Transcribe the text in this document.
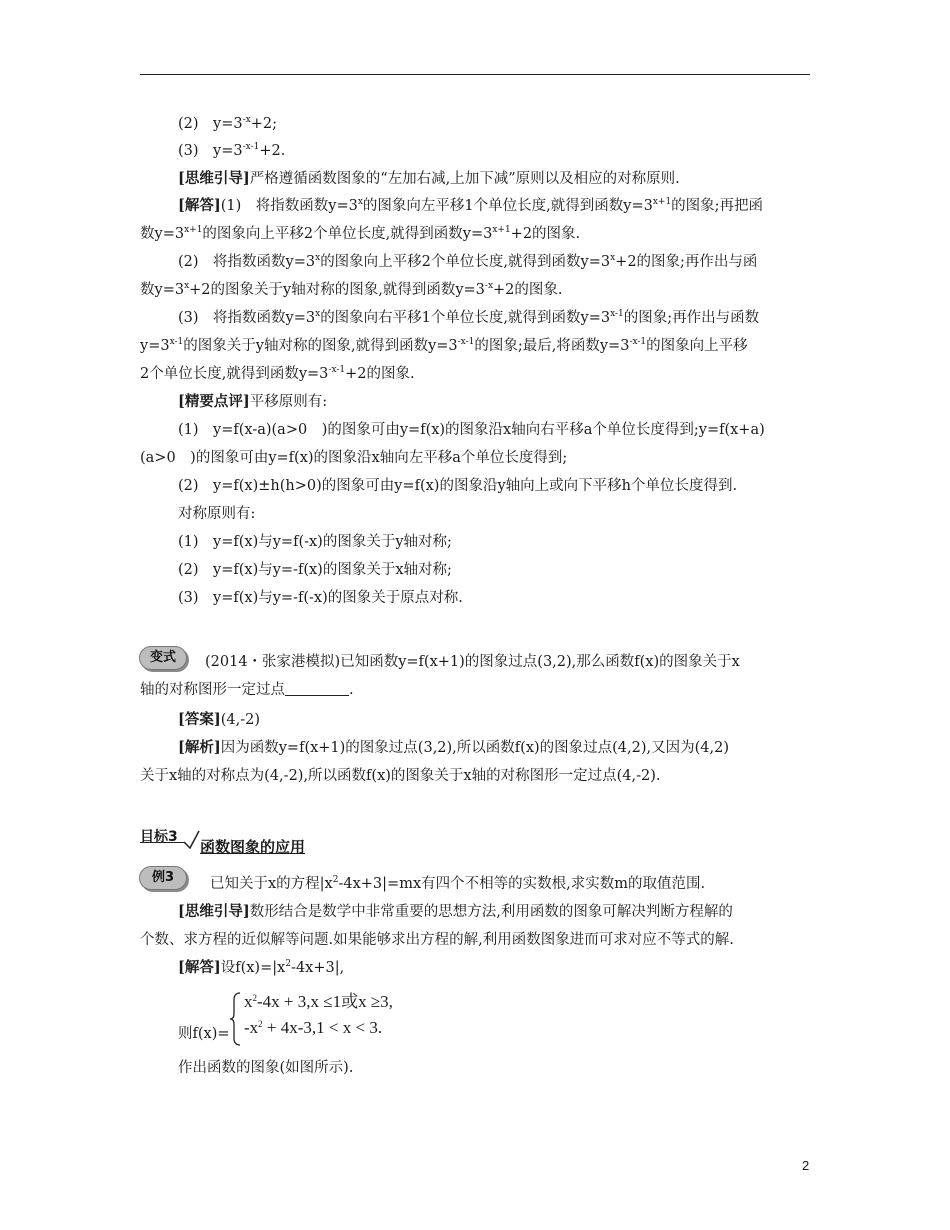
(2)　$y=3^{-x}+2$;
(3)　$y=3^{-x-1}+2$.
[思维引导]严格遵循函数图象的“左加右减,上加下减”原则以及相应的对称原则.
[解答](1)　将指数函数$y=3^x$的图象向左平移1个单位长度,就得到函数$y=3^{x+1}$的图象;再把函
数$y=3^{x+1}$的图象向上平移2个单位长度,就得到函数$y=3^{x+1}+2$的图象.
(2)　将指数函数$y=3^x$的图象向上平移2个单位长度,就得到函数$y=3^x+2$的图象;再作出与函
数$y=3^x+2$的图象关于y轴对称的图象,就得到函数$y=3^{-x}+2$的图象.
(3)　将指数函数$y=3^x$的图象向右平移1个单位长度,就得到函数$y=3^{x-1}$的图象;再作出与函数
$y=3^{x-1}$的图象关于y轴对称的图象,就得到函数$y=3^{-x-1}$的图象;最后,将函数$y=3^{-x-1}$的图象向上平移
2个单位长度,就得到函数$y=3^{-x-1}+2$的图象.
[精要点评]平移原则有:
(1)　y=f(x-a)(a>0　)的图象可由y=f(x)的图象沿x轴向右平移a个单位长度得到;y=f(x+a)
(a>0　)的图象可由y=f(x)的图象沿x轴向左平移a个单位长度得到;
(2)　y=f(x)±h(h>0)的图象可由y=f(x)的图象沿y轴向上或向下平移h个单位长度得到.
对称原则有:
(1)　y=f(x)与y=f(-x)的图象关于y轴对称;
(2)　y=f(x)与y=-f(x)的图象关于x轴对称;
(3)　y=f(x)与y=-f(-x)的图象关于原点对称.
变式	(2014・张家港模拟)已知函数y=f(x+1)的图象过点(3,2),那么函数f(x)的图象关于x
轴的对称图形一定过点	.
[答案](4,-2)
[解析]因为函数y=f(x+1)的图象过点(3,2),所以函数f(x)的图象过点(4,2),又因为(4,2)
关于x轴的对称点为(4,-2),所以函数f(x)的图象关于x轴的对称图形一定过点(4,-2).
目标3
函数图象的应用
例3	已知关于x的方程$|x^2-4x+3|=mx$有四个不相等的实数根,求实数m的取值范围.
[思维引导]数形结合是数学中非常重要的思想方法,利用函数的图象可解决判断方程解的
个数、求方程的近似解等问题.如果能够求出方程的解,利用函数图象进而可求对应不等式的解.
[解答]设$f(x)=|x^2-4x+3|$,
$x^2-4x + 3,x \le 1$或x ≥3,
$-x^2 + 4x-3,1 < x < 3$.
则f(x)=
作出函数的图象(如图所示).
2
